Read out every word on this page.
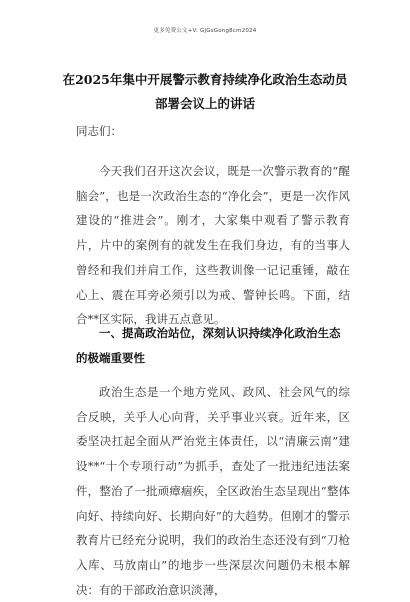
更多免费公文+V: GjGsGong8cm2024
在2025年集中开展警示教育持续净化政治生态动员部署会议上的讲话

同志们：

今天我们召开这次会议，既是一次警示教育的“醒脑会”，也是一次政治生态的“净化会”，更是一次作风建设的“推进会”。刚才，大家集中观看了警示教育片，片中的案例有的就发生在我们身边，有的当事人曾经和我们并肩工作，这些教训像一记记重锤，敲在心上、震在耳旁必须引以为戒、警钟长鸣。下面，结合**区实际，我讲五点意见。

一、提高政治站位，深刻认识持续净化政治生态的极端重要性

政治生态是一个地方党风、政风、社会风气的综合反映，关乎人心向背，关乎事业兴衰。近年来，区委坚决扛起全面从严治党主体责任，以“清廉云南”建设**“十个专项行动”为抓手，查处了一批违纪违法案件，整治了一批顽瘴痼疾，全区政治生态呈现出“整体向好、持续向好、长期向好”的大趋势。但刚才的警示教育片已经充分说明，我们的政治生态还没有到“刀枪入库、马放南山”的地步一些深层次问题仍未根本解决：有的干部政治意识淡薄，
